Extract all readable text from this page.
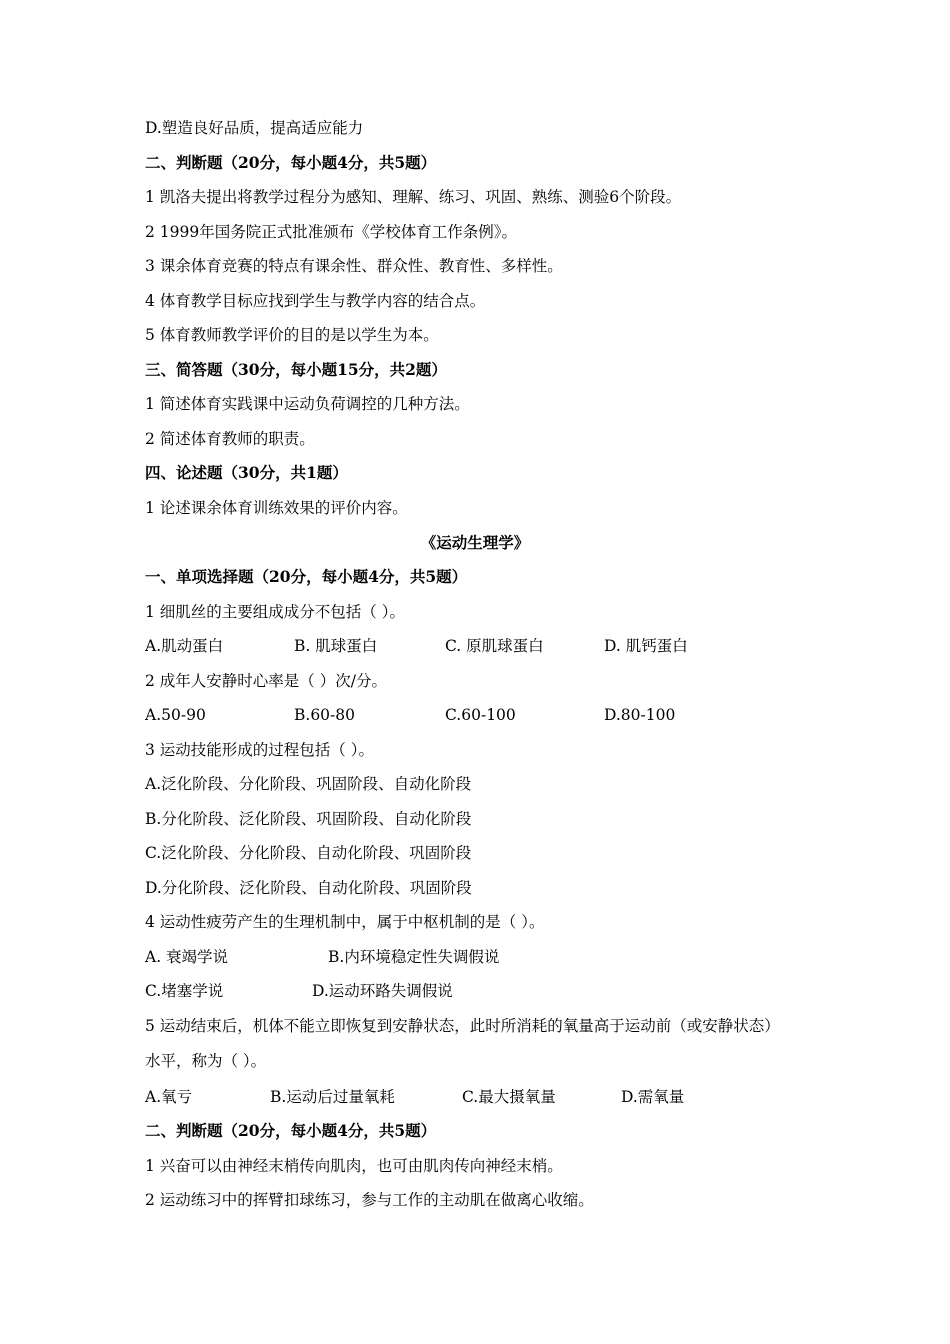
D.塑造良好品质，提高适应能力
二、判断题（20分，每小题4分，共5题）
1 凯洛夫提出将教学过程分为感知、理解、练习、巩固、熟练、测验6个阶段。
2 1999年国务院正式批准颁布《学校体育工作条例》。
3 课余体育竞赛的特点有课余性、群众性、教育性、多样性。
4 体育教学目标应找到学生与教学内容的结合点。
5 体育教师教学评价的目的是以学生为本。
三、简答题（30分，每小题15分，共2题）
1 简述体育实践课中运动负荷调控的几种方法。
2 简述体育教师的职责。
四、论述题（30分，共1题）
1 论述课余体育训练效果的评价内容。
《运动生理学》
一、单项选择题（20分，每小题4分，共5题）
1 细肌丝的主要组成成分不包括（ ）。
A.肌动蛋白	B. 肌球蛋白	C. 原肌球蛋白	D. 肌钙蛋白
2 成年人安静时心率是（ ）次/分。
A.50-90	B.60-80	C.60-100	D.80-100
3 运动技能形成的过程包括（ ）。
A.泛化阶段、分化阶段、巩固阶段、自动化阶段
B.分化阶段、泛化阶段、巩固阶段、自动化阶段
C.泛化阶段、分化阶段、自动化阶段、巩固阶段
D.分化阶段、泛化阶段、自动化阶段、巩固阶段
4 运动性疲劳产生的生理机制中，属于中枢机制的是（ ）。
A. 衰竭学说	B.内环境稳定性失调假说
C.堵塞学说	D.运动环路失调假说
5 运动结束后，机体不能立即恢复到安静状态，此时所消耗的氧量高于运动前（或安静状态）
水平，称为（ ）。
A.氧亏	B.运动后过量氧耗	C.最大摄氧量	D.需氧量
二、判断题（20分，每小题4分，共5题）
1 兴奋可以由神经末梢传向肌肉，也可由肌肉传向神经末梢。
2 运动练习中的挥臂扣球练习，参与工作的主动肌在做离心收缩。
